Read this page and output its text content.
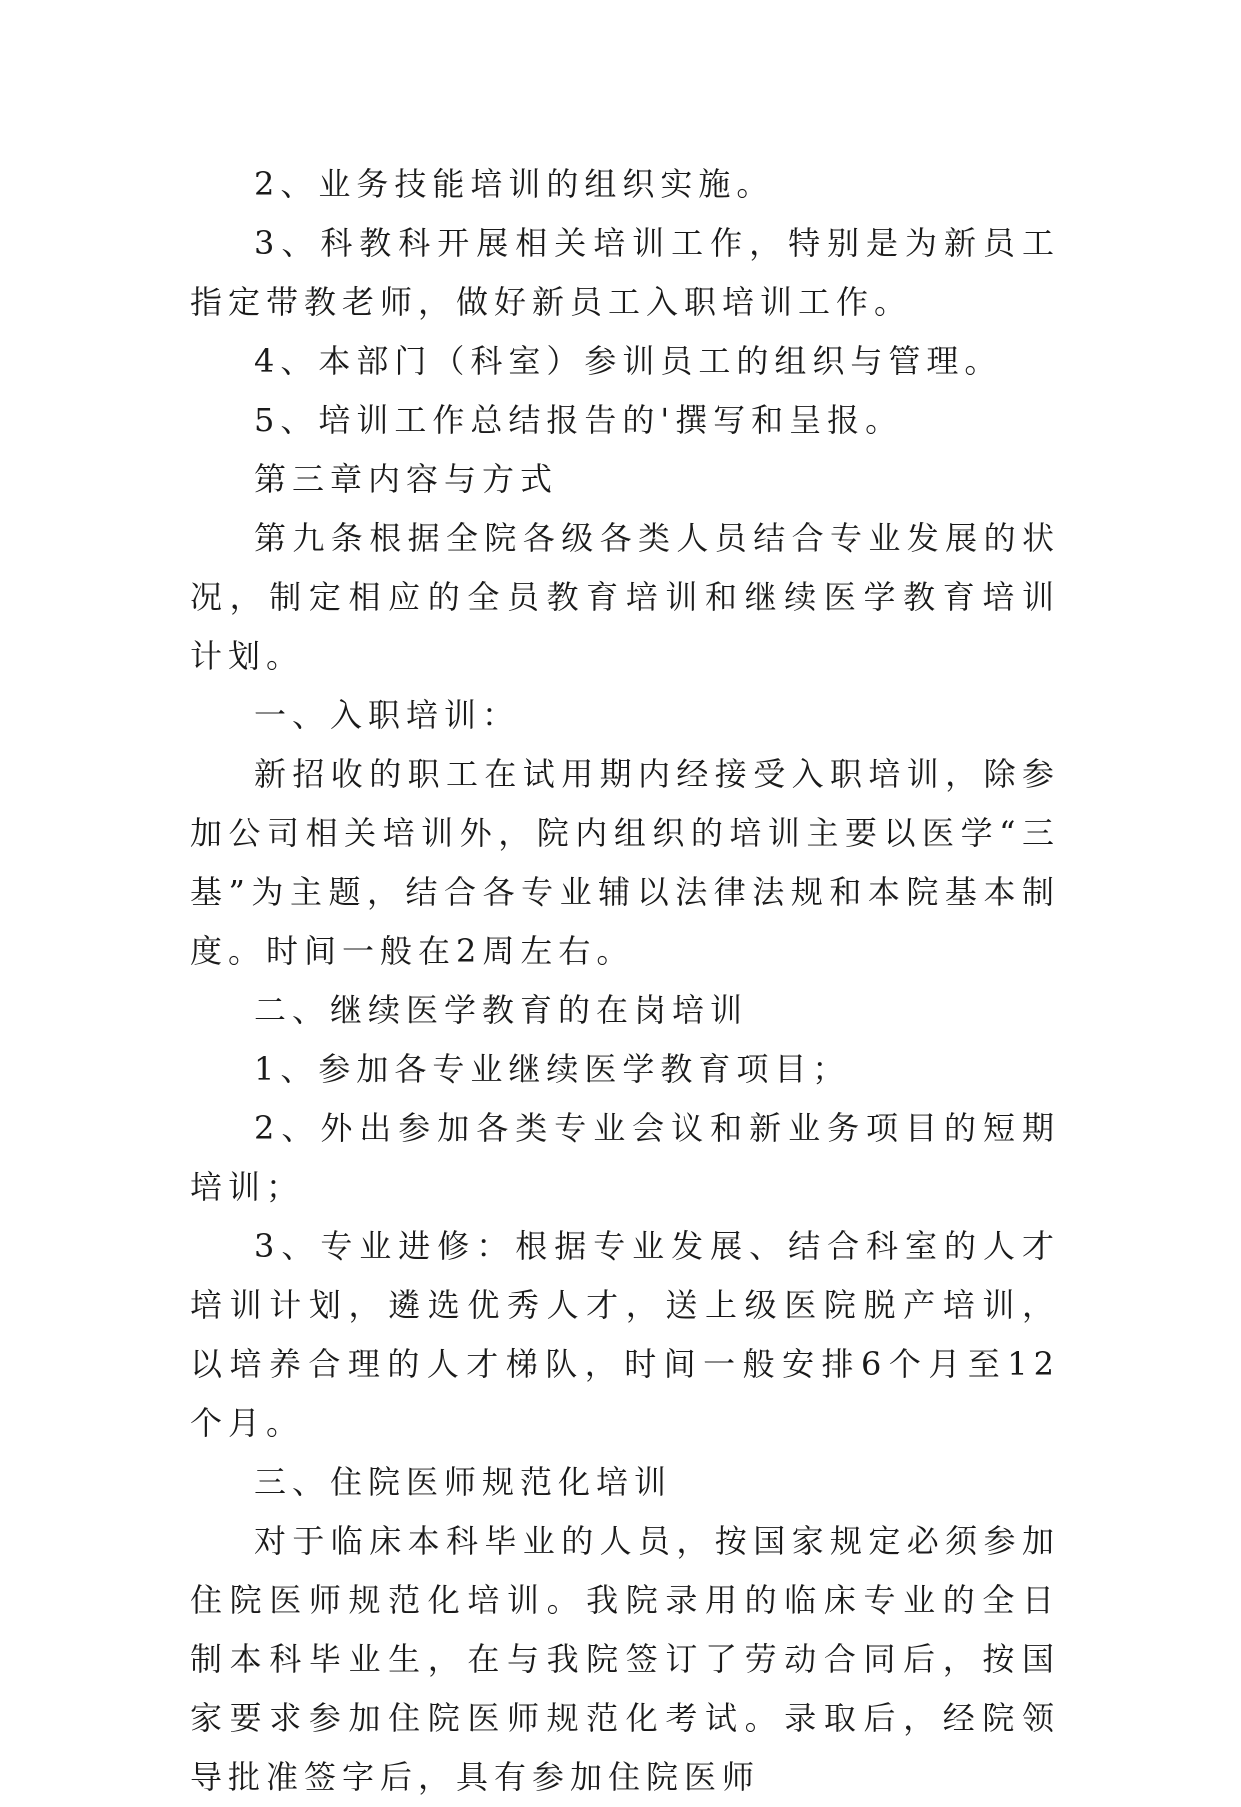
2、业务技能培训的组织实施。

3、科教科开展相关培训工作，特别是为新员工指定带教老师，做好新员工入职培训工作。

4、本部门（科室）参训员工的组织与管理。

5、培训工作总结报告的'撰写和呈报。

第三章内容与方式

第九条根据全院各级各类人员结合专业发展的状况，制定相应的全员教育培训和继续医学教育培训计划。

一、入职培训：

新招收的职工在试用期内经接受入职培训，除参加公司相关培训外，院内组织的培训主要以医学“三基”为主题，结合各专业辅以法律法规和本院基本制度。时间一般在2周左右。

二、继续医学教育的在岗培训

1、参加各专业继续医学教育项目；

2、外出参加各类专业会议和新业务项目的短期培训；

3、专业进修：根据专业发展、结合科室的人才培训计划，遴选优秀人才，送上级医院脱产培训，以培养合理的人才梯队，时间一般安排6个月至12个月。

三、住院医师规范化培训

对于临床本科毕业的人员，按国家规定必须参加住院医师规范化培训。我院录用的临床专业的全日制本科毕业生，在与我院签订了劳动合同后，按国家要求参加住院医师规范化考试。录取后，经院领导批准签字后，具有参加住院医师
